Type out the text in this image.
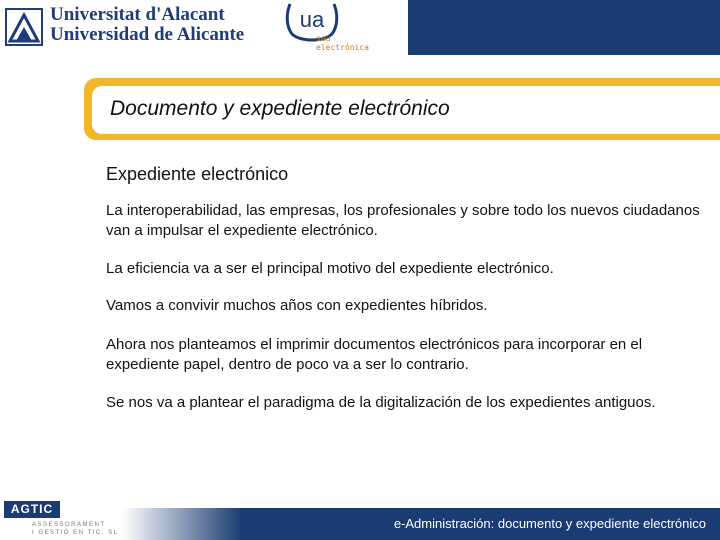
Universitat d'Alacant
Universidad de Alicante
ua
seu
electrónica
Documento y expediente electrónico
Expediente electrónico
La interoperabilidad, las empresas, los profesionales y sobre todo los nuevos ciudadanos van a impulsar el expediente electrónico.
La eficiencia va a ser el principal motivo del expediente electrónico.
Vamos a convivir muchos años con expedientes híbridos.
Ahora nos planteamos el imprimir documentos electrónicos para incorporar en el expediente papel, dentro de poco va a ser lo contrario.
Se nos va a plantear el paradigma de la digitalización de los expedientes antiguos.
AGTIC
ASSESSORAMENT
I GESTIÓ EN TIC, SL
e-Administración: documento y expediente electrónico
